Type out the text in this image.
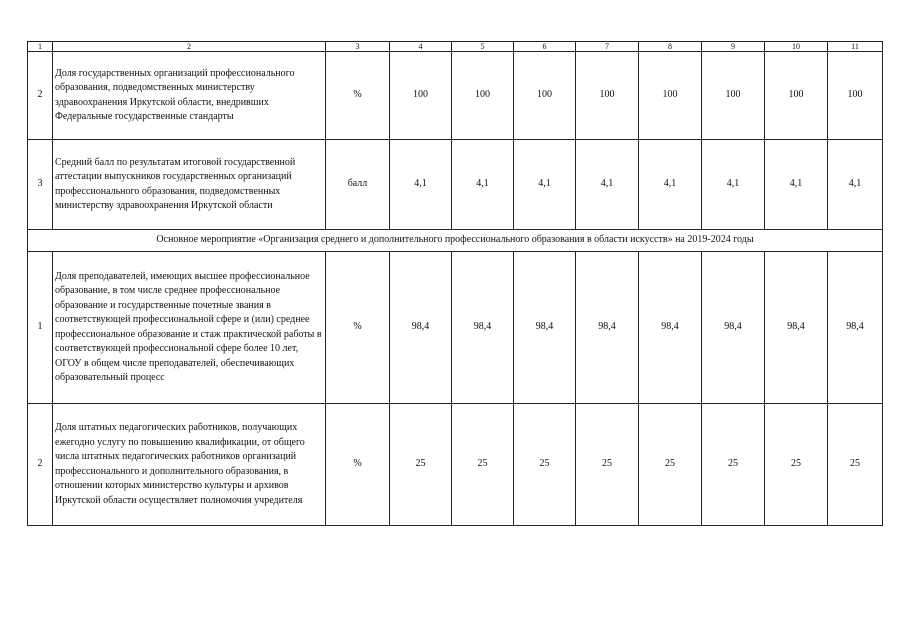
1	2	3	4	5	6	7	8	9	10	11
2	Доля государственных организаций профессионального образования, подведомственных министерству здравоохранения Иркутской области, внедривших Федеральные государственные стандарты	%	100	100	100	100	100	100	100	100
3	Средний балл по результатам итоговой государственной аттестации выпускников государственных организаций профессионального образования, подведомственных министерству здравоохранения Иркутской области	балл	4,1	4,1	4,1	4,1	4,1	4,1	4,1	4,1
Основное мероприятие «Организация среднего и дополнительного профессионального образования в области искусств» на 2019-2024 годы										
1	Доля преподавателей, имеющих высшее профессиональное образование, в том числе среднее профессиональное образование и государственные почетные звания в соответствующей профессиональной сфере и (или) среднее профессиональное образование и стаж практической работы в соответствующей профессиональной сфере более 10 лет, ОГОУ в общем числе преподавателей, обеспечивающих образовательный процесс	%	98,4	98,4	98,4	98,4	98,4	98,4	98,4	98,4
2	Доля штатных педагогических работников, получающих ежегодно услугу по повышению квалификации, от общего числа штатных педагогических работников организаций профессионального и дополнительного образования, в отношении которых министерство культуры и архивов Иркутской области осуществляет полномочия учредителя	%	25	25	25	25	25	25	25	25
